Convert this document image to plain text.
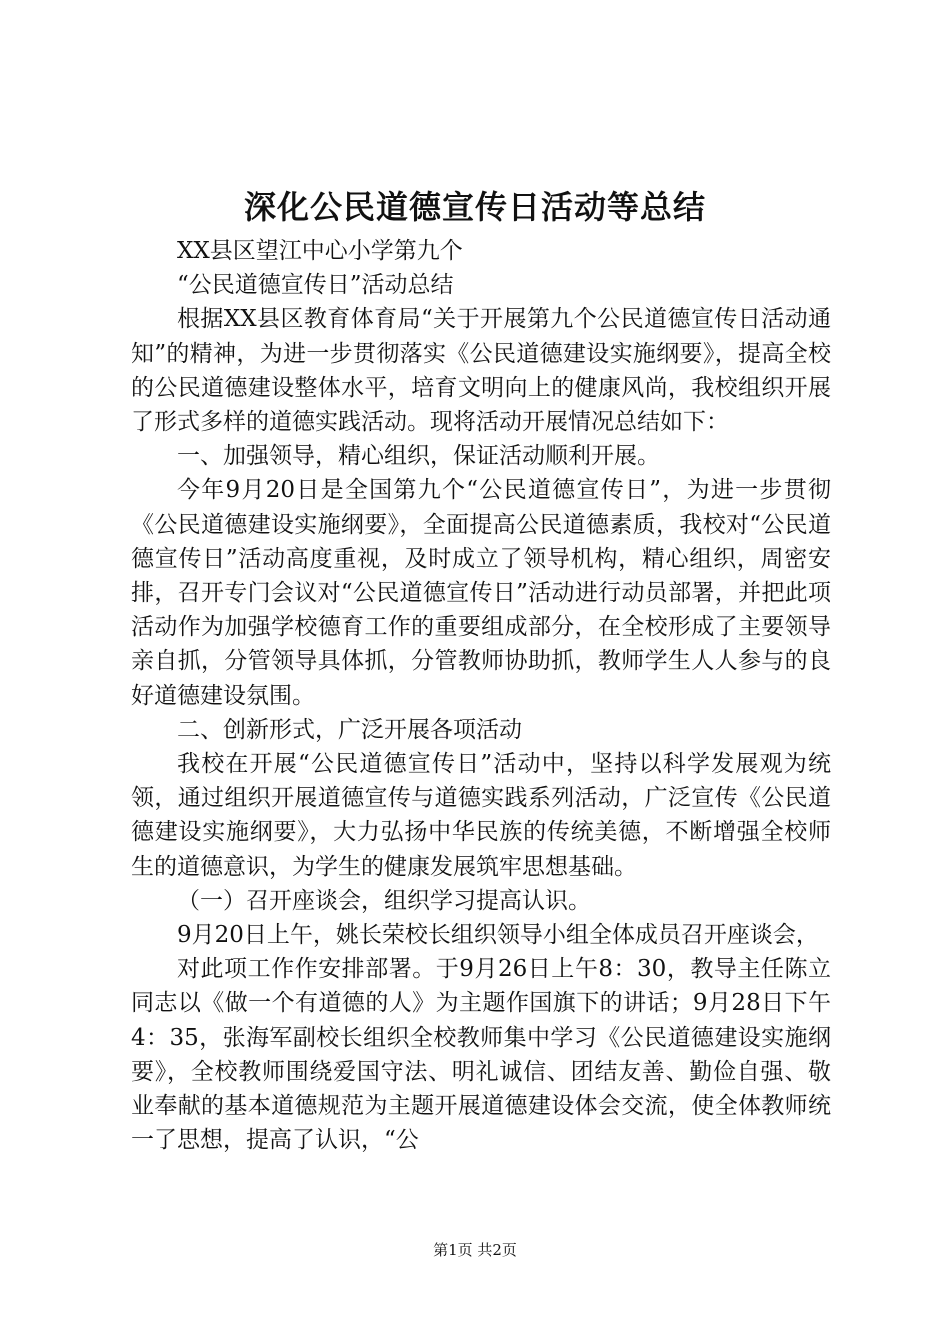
深化公民道德宣传日活动等总结

XX县区望江中心小学第九个

“公民道德宣传日”活动总结

根据XX县区教育体育局“关于开展第九个公民道德宣传日活动通知”的精神，为进一步贯彻落实《公民道德建设实施纲要》，提高全校的公民道德建设整体水平，培育文明向上的健康风尚，我校组织开展了形式多样的道德实践活动。现将活动开展情况总结如下：

一、加强领导，精心组织，保证活动顺利开展。

今年9月20日是全国第九个“公民道德宣传日”，为进一步贯彻《公民道德建设实施纲要》，全面提高公民道德素质，我校对“公民道德宣传日”活动高度重视，及时成立了领导机构，精心组织，周密安排，召开专门会议对“公民道德宣传日”活动进行动员部署，并把此项活动作为加强学校德育工作的重要组成部分，在全校形成了主要领导亲自抓，分管领导具体抓，分管教师协助抓，教师学生人人参与的良好道德建设氛围。

二、创新形式，广泛开展各项活动

我校在开展“公民道德宣传日”活动中，坚持以科学发展观为统领，通过组织开展道德宣传与道德实践系列活动，广泛宣传《公民道德建设实施纲要》，大力弘扬中华民族的传统美德，不断增强全校师生的道德意识，为学生的健康发展筑牢思想基础。

（一）召开座谈会，组织学习提高认识。

9月20日上午，姚长荣校长组织领导小组全体成员召开座谈会，

对此项工作作安排部署。于9月26日上午8：30，教导主任陈立同志以《做一个有道德的人》为主题作国旗下的讲话；9月28日下午4：35，张海军副校长组织全校教师集中学习《公民道德建设实施纲要》，全校教师围绕爱国守法、明礼诚信、团结友善、勤俭自强、敬业奉献的基本道德规范为主题开展道德建设体会交流，使全体教师统一了思想，提高了认识，“公

第1页 共2页
